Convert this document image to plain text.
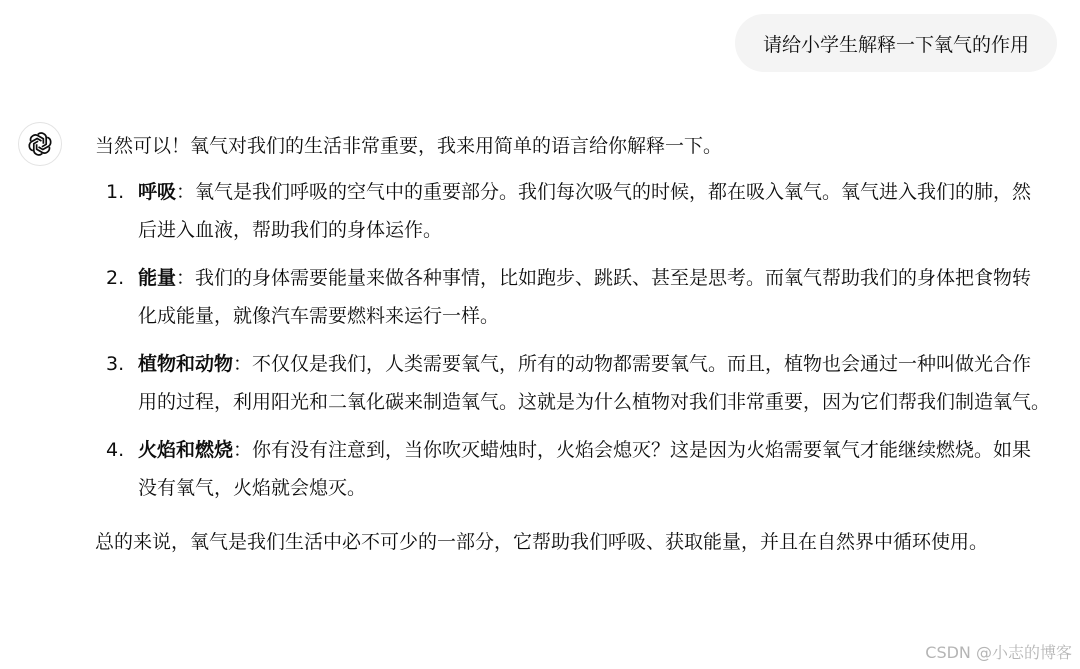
请给小学生解释一下氧气的作用

当然可以！氧气对我们的生活非常重要，我来用简单的语言给你解释一下。

1. 呼吸：氧气是我们呼吸的空气中的重要部分。我们每次吸气的时候，都在吸入氧气。氧气进入我们的肺，然后进入血液，帮助我们的身体运作。
2. 能量：我们的身体需要能量来做各种事情，比如跑步、跳跃、甚至是思考。而氧气帮助我们的身体把食物转化成能量，就像汽车需要燃料来运行一样。
3. 植物和动物：不仅仅是我们，人类需要氧气，所有的动物都需要氧气。而且，植物也会通过一种叫做光合作用的过程，利用阳光和二氧化碳来制造氧气。这就是为什么植物对我们非常重要，因为它们帮我们制造氧气。
4. 火焰和燃烧：你有没有注意到，当你吹灭蜡烛时，火焰会熄灭？这是因为火焰需要氧气才能继续燃烧。如果没有氧气，火焰就会熄灭。

总的来说，氧气是我们生活中必不可少的一部分，它帮助我们呼吸、获取能量，并且在自然界中循环使用。

CSDN @小志的博客
